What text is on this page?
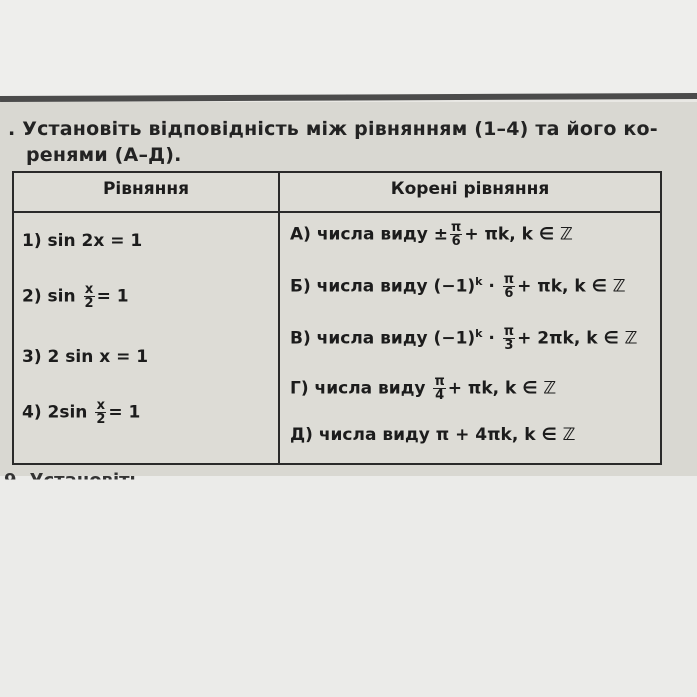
. Установіть відповідність між рівнянням (1–4) та його ко-
ренями (А–Д).
Рівняння	Корені рівняння
1) sin 2x = 1
2) $\sin \frac{x}{2} = 1$
3) 2 sin x = 1
4) $2\sin \frac{x}{2} = 1$
А) числа виду ± $\frac{\pi}{6} + \pi k$, k ∈ ℤ
Б) числа виду $(-1)^k \cdot \frac{\pi}{6} + \pi k$, k ∈ ℤ
В) числа виду $(-1)^k \cdot \frac{\pi}{3} + 2\pi k$, k ∈ ℤ
Г) числа виду $\frac{\pi}{4} + \pi k$, k ∈ ℤ
Д) числа виду π + 4πk, k ∈ ℤ
